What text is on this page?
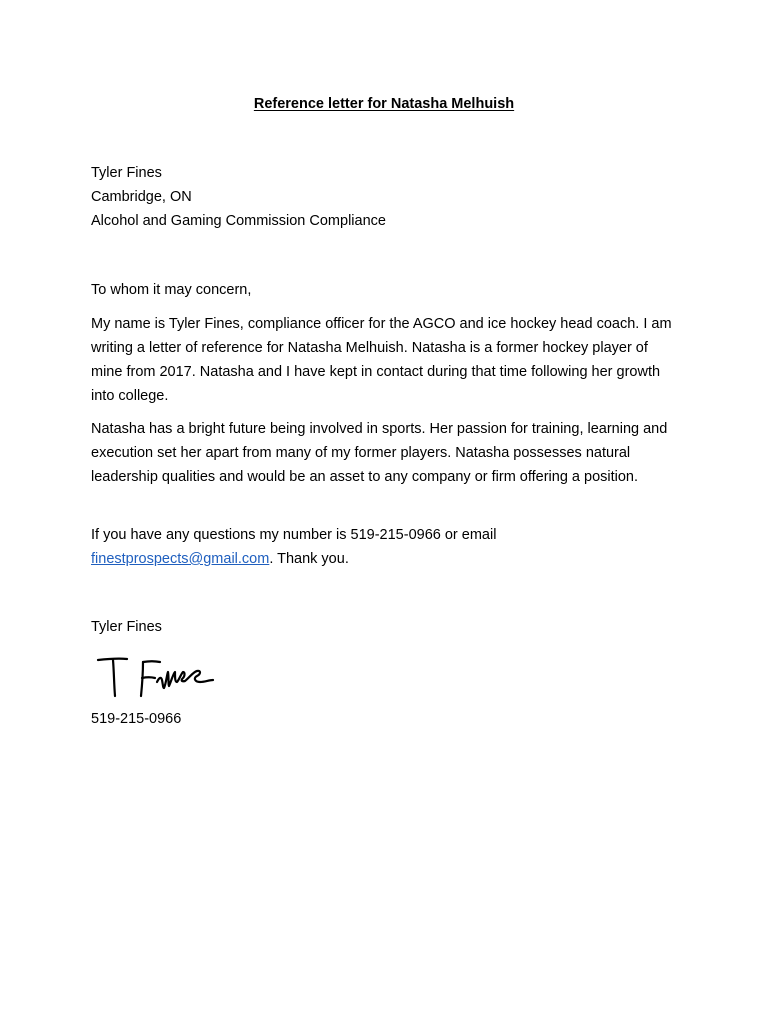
Reference letter for Natasha Melhuish
Tyler Fines
Cambridge, ON
Alcohol and Gaming Commission Compliance

To whom it may concern,

My name is Tyler Fines, compliance officer for the AGCO and ice hockey head coach. I am writing a letter of reference for Natasha Melhuish. Natasha is a former hockey player of mine from 2017. Natasha and I have kept in contact during that time following her growth into college.

Natasha has a bright future being involved in sports. Her passion for training, learning and execution set her apart from many of my former players. Natasha possesses natural leadership qualities and would be an asset to any company or firm offering a position.

If you have any questions my number is 519-215-0966 or email finestprospects@gmail.com. Thank you.

Tyler Fines
519-215-0966
